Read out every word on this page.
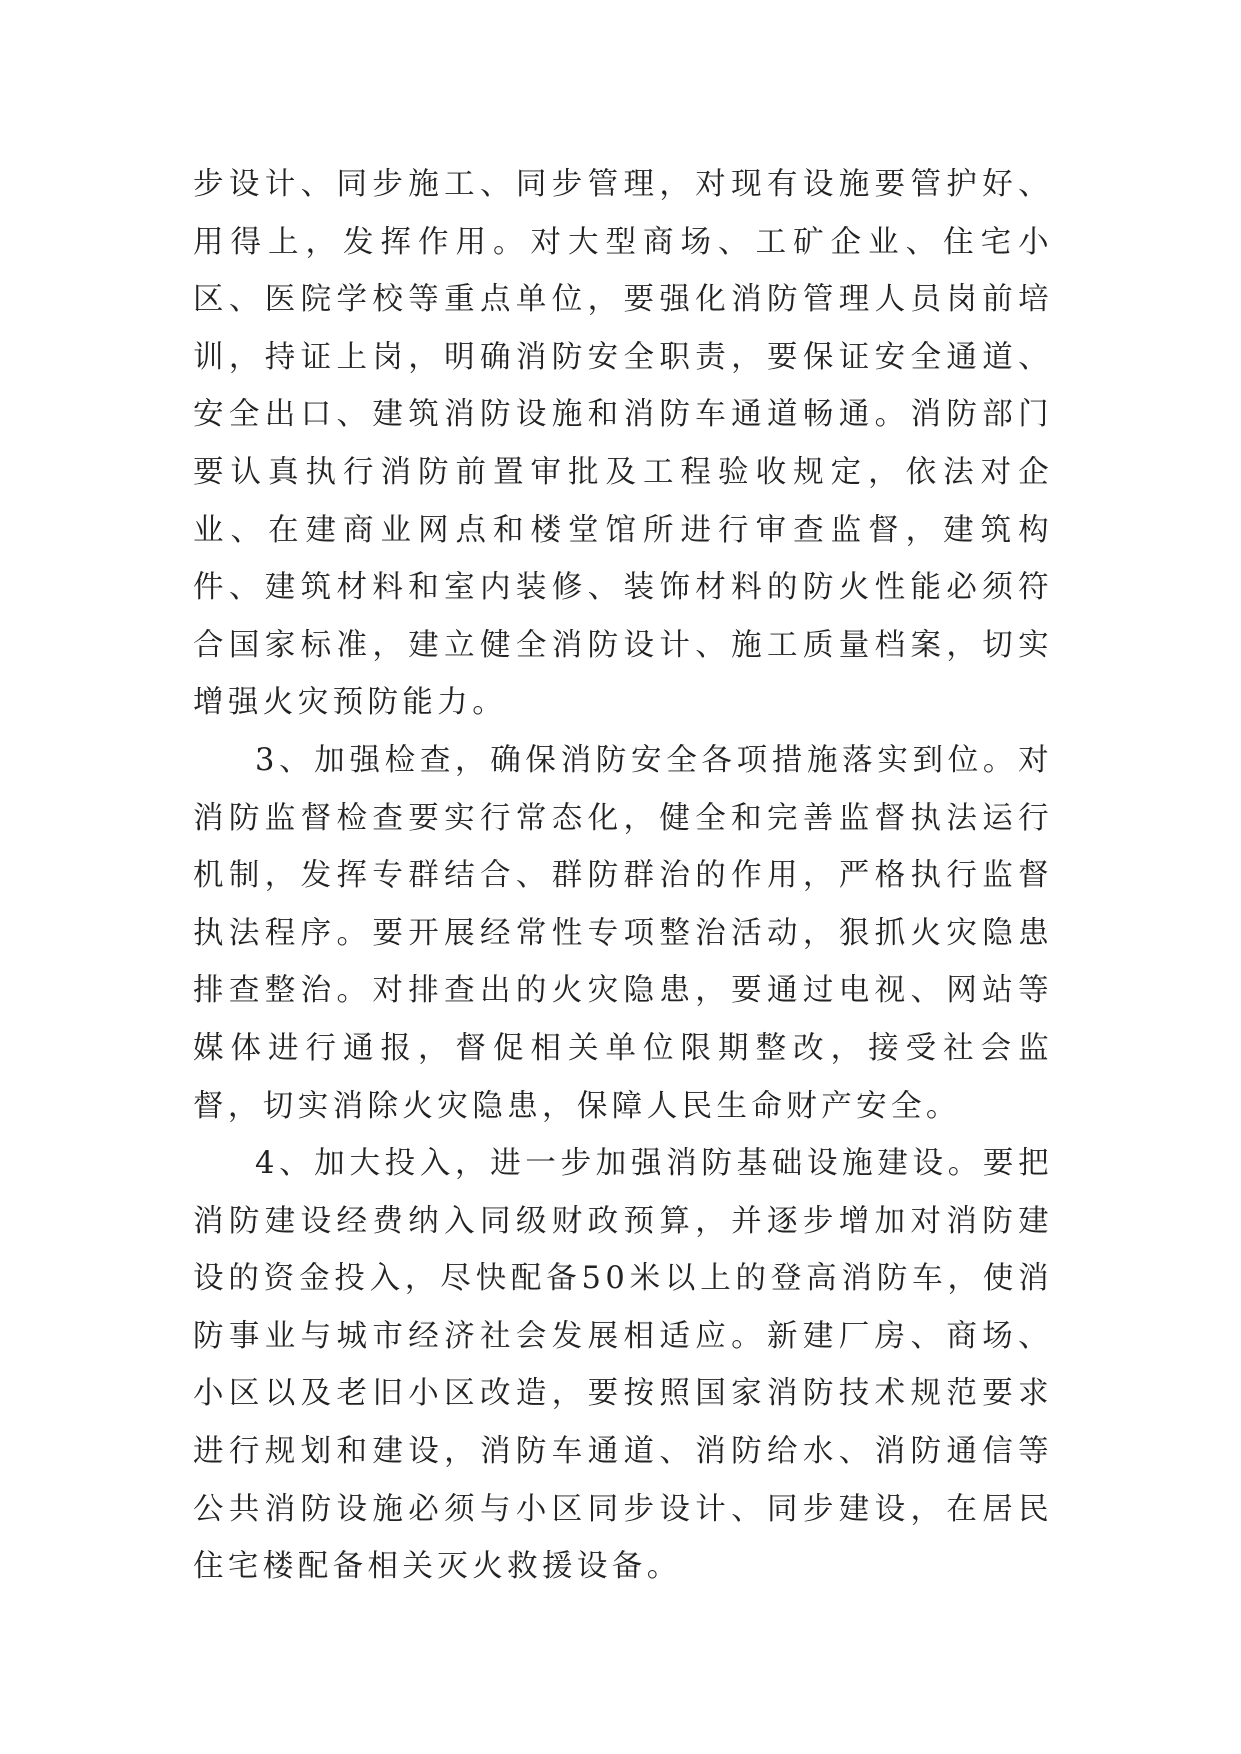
步设计、同步施工、同步管理，对现有设施要管护好、用得上，发挥作用。对大型商场、工矿企业、住宅小区、医院学校等重点单位，要强化消防管理人员岗前培训，持证上岗，明确消防安全职责，要保证安全通道、安全出口、建筑消防设施和消防车通道畅通。消防部门要认真执行消防前置审批及工程验收规定，依法对企业、在建商业网点和楼堂馆所进行审查监督，建筑构件、建筑材料和室内装修、装饰材料的防火性能必须符合国家标准，建立健全消防设计、施工质量档案，切实增强火灾预防能力。

3、加强检查，确保消防安全各项措施落实到位。对消防监督检查要实行常态化，健全和完善监督执法运行机制，发挥专群结合、群防群治的作用，严格执行监督执法程序。要开展经常性专项整治活动，狠抓火灾隐患排查整治。对排查出的火灾隐患，要通过电视、网站等媒体进行通报，督促相关单位限期整改，接受社会监督，切实消除火灾隐患，保障人民生命财产安全。

4、加大投入，进一步加强消防基础设施建设。要把消防建设经费纳入同级财政预算，并逐步增加对消防建设的资金投入，尽快配备50米以上的登高消防车，使消防事业与城市经济社会发展相适应。新建厂房、商场、小区以及老旧小区改造，要按照国家消防技术规范要求进行规划和建设，消防车通道、消防给水、消防通信等公共消防设施必须与小区同步设计、同步建设，在居民住宅楼配备相关灭火救援设备。
